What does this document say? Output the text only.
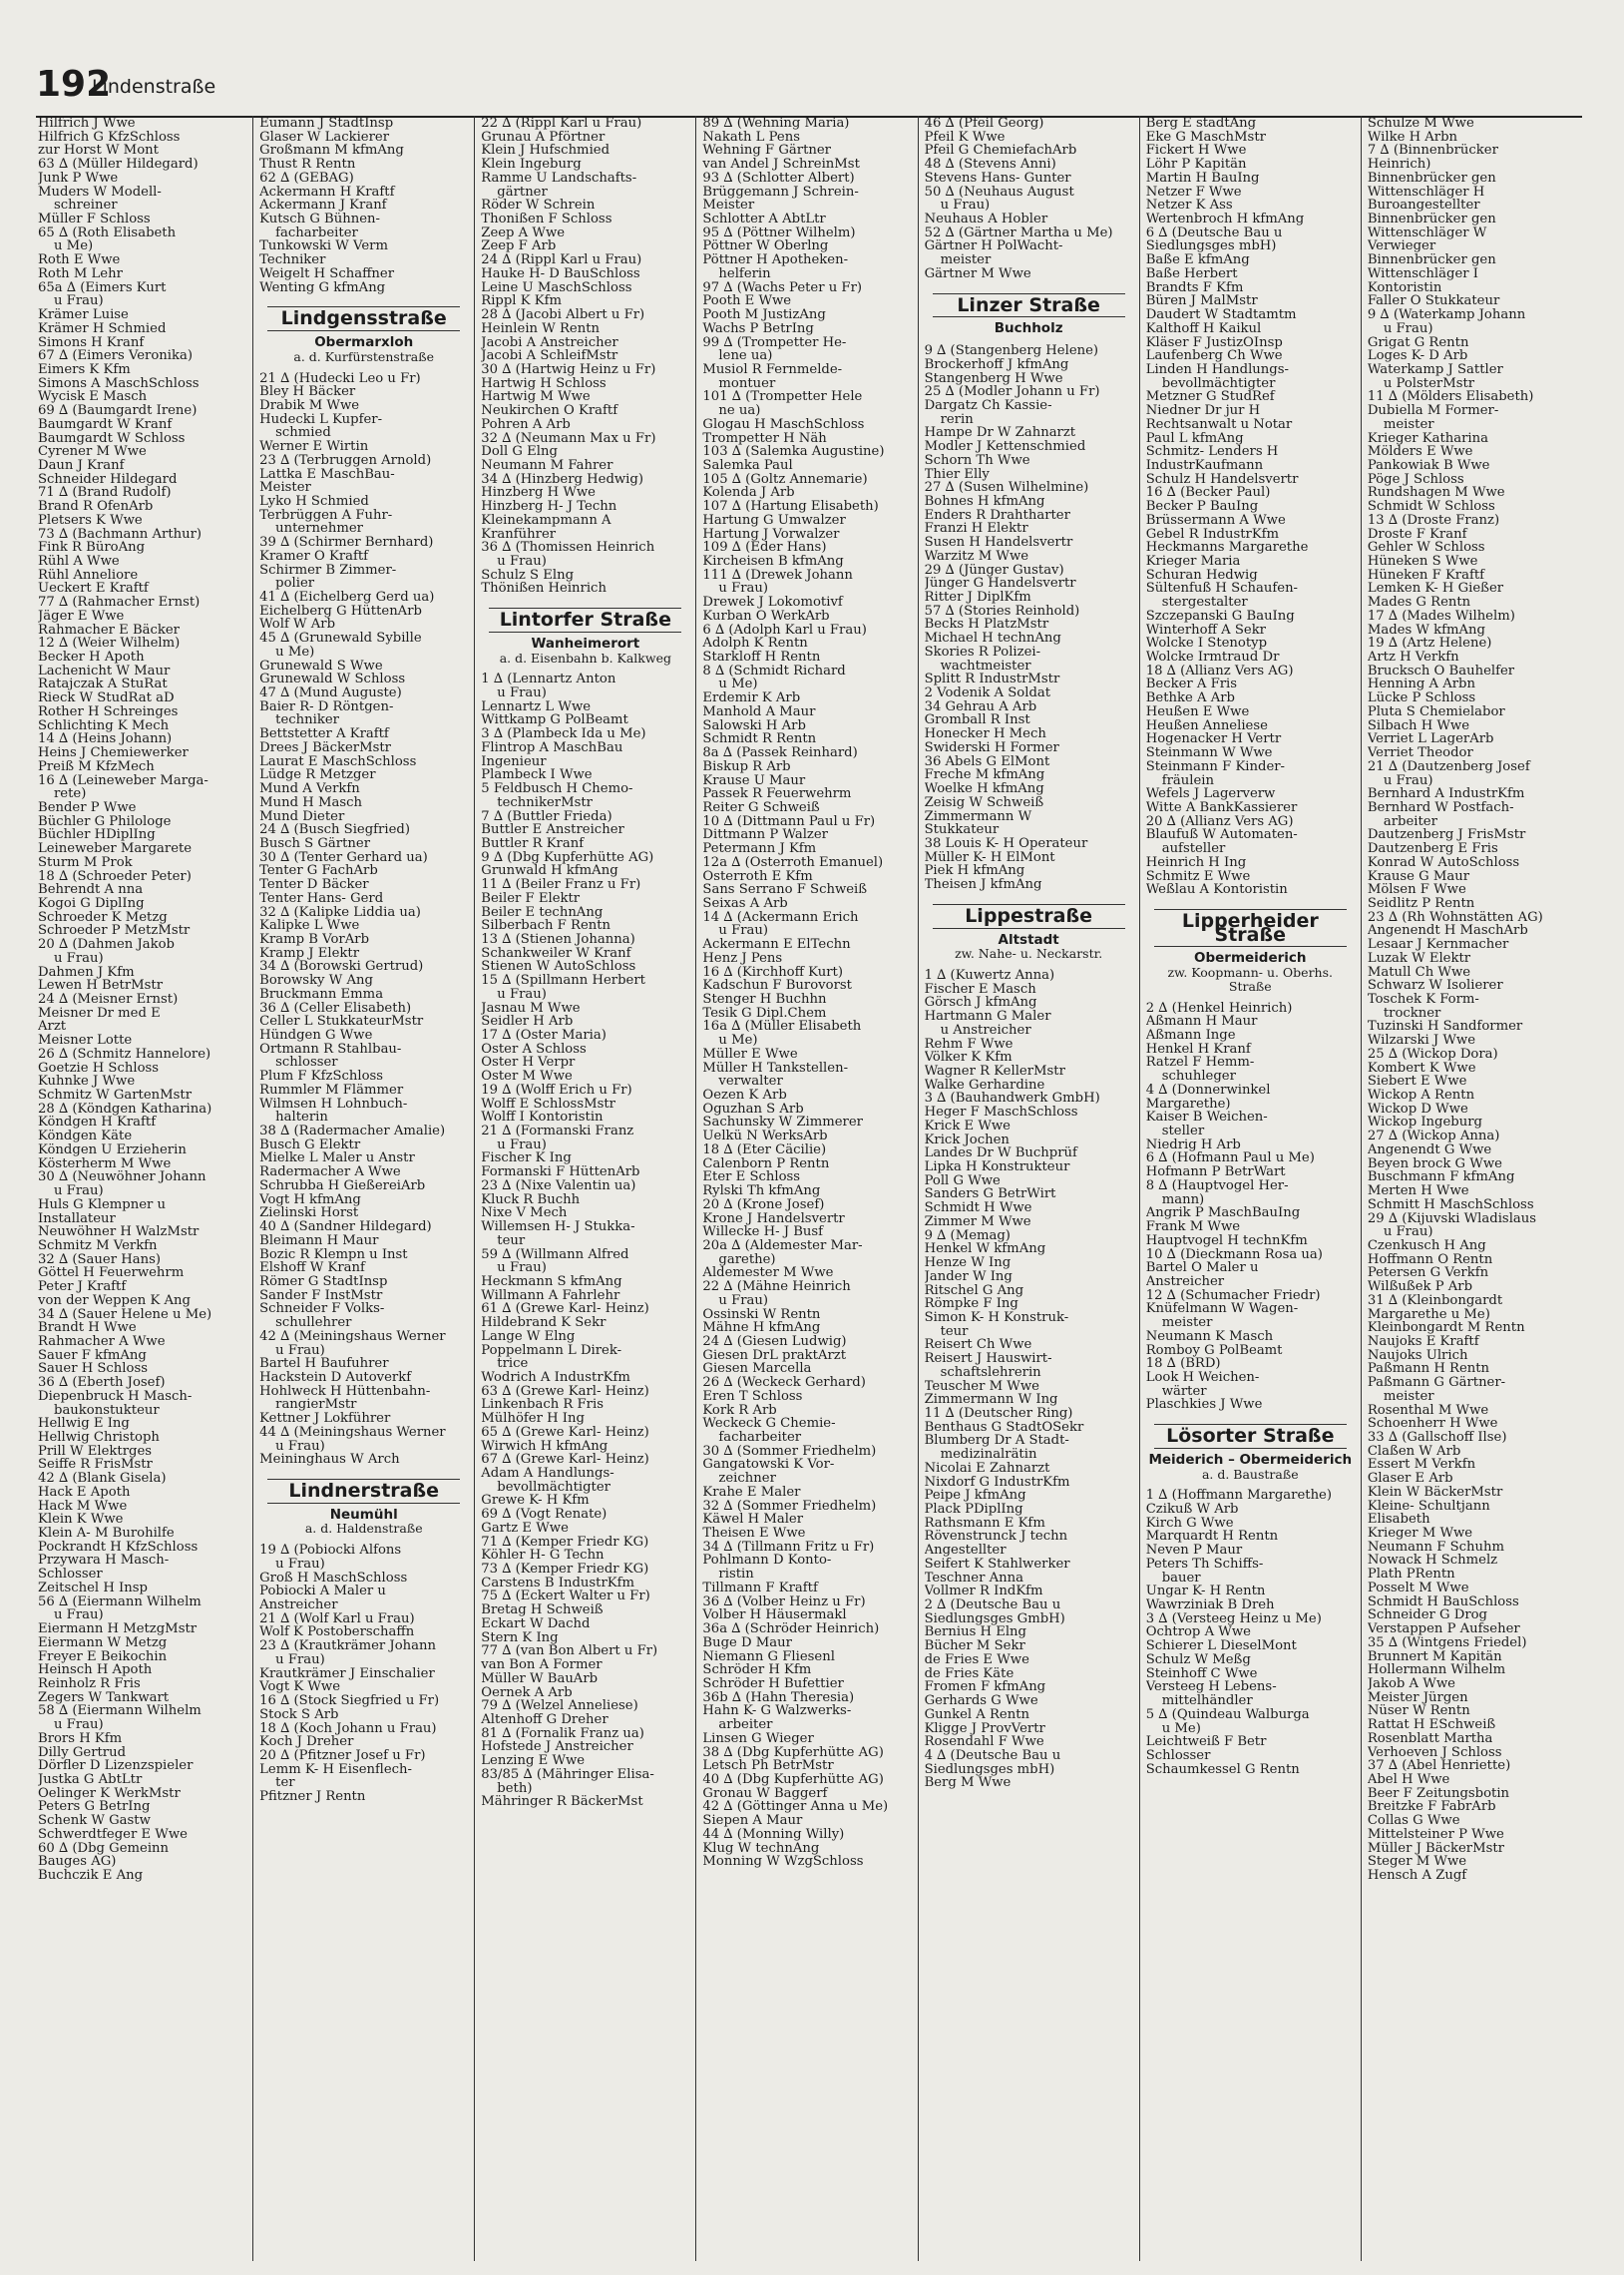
192
Lindenstraße
Hilfrich J Wwe
Hilfrich G KfzSchloss
zur Horst W Mont
63 ∆ (Müller Hildegard)
Junk P Wwe
Muders W Modell-
schreiner
Müller F Schloss
65 ∆ (Roth Elisabeth
u Me)
Roth E Wwe
Roth M Lehr
65a ∆ (Eimers Kurt
u Frau)
Krämer Luise
Krämer H Schmied
Simons H Kranf
67 ∆ (Eimers Veronika)
Eimers K Kfm
Simons A MaschSchloss
Wycisk E Masch
69 ∆ (Baumgardt Irene)
Baumgardt W Kranf
Baumgardt W Schloss
Cyrener M Wwe
Daun J Kranf
Schneider Hildegard
71 ∆ (Brand Rudolf)
Brand R OfenArb
Pletsers K Wwe
73 ∆ (Bachmann Arthur)
Fink R BüroAng
Rühl A Wwe
Rühl Anneliore
Ueckert E Kraftf
77 ∆ (Rahmacher Ernst)
Jäger E Wwe
Rahmacher E Bäcker
12 ∆ (Weier Wilhelm)
Becker H Apoth
Lachenicht W Maur
Ratajczak A StuRat
Rieck W StudRat aD
Rother H Schreinges
Schlichting K Mech
14 ∆ (Heins Johann)
Heins J Chemiewerker
Preiß M KfzMech
16 ∆ (Leineweber Marga-
rete)
Bender P Wwe
Büchler G Philologe
Büchler HDiplIng
Leineweber Margarete
Sturm M Prok
18 ∆ (Schroeder Peter)
Behrendt A nna
Kogoi G DiplIng
Schroeder K Metzg
Schroeder P MetzMstr
20 ∆ (Dahmen Jakob
u Frau)
Dahmen J Kfm
Lewen H BetrMstr
24 ∆ (Meisner Ernst)
Meisner Dr med E
Arzt
Meisner Lotte
26 ∆ (Schmitz Hannelore)
Goetzie H Schloss
Kuhnke J Wwe
Schmitz W GartenMstr
28 ∆ (Köndgen Katharina)
Köndgen H Kraftf
Köndgen Käte
Köndgen U Erzieherin
Kösterherm M Wwe
30 ∆ (Neuwöhner Johann
u Frau)
Huls G Klempner u
Installateur
Neuwöhner H WalzMstr
Schmitz M Verkfn
32 ∆ (Sauer Hans)
Göttel H Feuerwehrm
Peter J Kraftf
von der Weppen K Ang
34 ∆ (Sauer Helene u Me)
Brandt H Wwe
Rahmacher A Wwe
Sauer F kfmAng
Sauer H Schloss
36 ∆ (Eberth Josef)
Diepenbruck H Masch-
baukonstukteur
Hellwig E Ing
Hellwig Christoph
Prill W Elektrges
Seiffe R FrisMstr
42 ∆ (Blank Gisela)
Hack E Apoth
Hack M Wwe
Klein K Wwe
Klein A- M Burohilfe
Pockrandt H KfzSchloss
Przywara H Masch-
Schlosser
Zeitschel H Insp
56 ∆ (Eiermann Wilhelm
u Frau)
Eiermann H MetzgMstr
Eiermann W Metzg
Freyer E Beikochin
Heinsch H Apoth
Reinholz R Fris
Zegers W Tankwart
58 ∆ (Eiermann Wilhelm
u Frau)
Brors H Kfm
Dilly Gertrud
Dörfler D Lizenzspieler
Justka G AbtLtr
Oelinger K WerkMstr
Peters G BetrIng
Schenk W Gastw
Schwerdtfeger E Wwe
60 ∆ (Dbg Gemeinn
Bauges AG)
Buchczik E Ang
Eumann J StadtInsp
Glaser W Lackierer
Großmann M kfmAng
Thust R Rentn
62 ∆ (GEBAG)
Ackermann H Kraftf
Ackermann J Kranf
Kutsch G Bühnen-
facharbeiter
Tunkowski W Verm
Techniker
Weigelt H Schaffner
Wenting G kfmAng
Lindgensstraße
Obermarxloh
a. d. Kurfürstenstraße
21 ∆ (Hudecki Leo u Fr)
Bley H Bäcker
Drabik M Wwe
Hudecki L Kupfer-
schmied
Werner E Wirtin
23 ∆ (Terbruggen Arnold)
Lattka E MaschBau-
Meister
Lyko H Schmied
Terbrüggen A Fuhr-
unternehmer
39 ∆ (Schirmer Bernhard)
Kramer O Kraftf
Schirmer B Zimmer-
polier
41 ∆ (Eichelberg Gerd ua)
Eichelberg G HüttenArb
Wolf W Arb
45 ∆ (Grunewald Sybille
u Me)
Grunewald S Wwe
Grunewald W Schloss
47 ∆ (Mund Auguste)
Baier R- D Röntgen-
techniker
Bettstetter A Kraftf
Drees J BäckerMstr
Laurat E MaschSchloss
Lüdge R Metzger
Mund A Verkfn
Mund H Masch
Mund Dieter
24 ∆ (Busch Siegfried)
Busch S Gärtner
30 ∆ (Tenter Gerhard ua)
Tenter G FachArb
Tenter D Bäcker
Tenter Hans- Gerd
32 ∆ (Kalipke Liddia ua)
Kalipke L Wwe
Kramp B VorArb
Kramp J Elektr
34 ∆ (Borowski Gertrud)
Borowsky W Ang
Bruckmann Emma
36 ∆ (Celler Elisabeth)
Celler L StukkateurMstr
Hündgen G Wwe
Ortmann R Stahlbau-
schlosser
Plum F KfzSchloss
Rummler M Flämmer
Wilmsen H Lohnbuch-
halterin
38 ∆ (Radermacher Amalie)
Busch G Elektr
Mielke L Maler u Anstr
Radermacher A Wwe
Schrubba H GießereiArb
Vogt H kfmAng
Zielinski Horst
40 ∆ (Sandner Hildegard)
Bleimann H Maur
Bozic R Klempn u Inst
Elshoff W Kranf
Römer G StadtInsp
Sander F InstMstr
Schneider F Volks-
schullehrer
42 ∆ (Meiningshaus Werner
u Frau)
Bartel H Baufuhrer
Hackstein D Autoverkf
Hohlweck H Hüttenbahn-
rangierMstr
Kettner J Lokführer
44 ∆ (Meiningshaus Werner
u Frau)
Meininghaus W Arch
Lindnerstraße
Neumühl
a. d. Haldenstraße
19 ∆ (Pobiocki Alfons
u Frau)
Groß H MaschSchloss
Pobiocki A Maler u
Anstreicher
21 ∆ (Wolf Karl u Frau)
Wolf K Postoberschaffn
23 ∆ (Krautkrämer Johann
u Frau)
Krautkrämer J Einschalier
Vogt K Wwe
16 ∆ (Stock Siegfried u Fr)
Stock S Arb
18 ∆ (Koch Johann u Frau)
Koch J Dreher
20 ∆ (Pfitzner Josef u Fr)
Lemm K- H Eisenflech-
ter
Pfitzner J Rentn
22 ∆ (Rippl Karl u Frau)
Grunau A Pförtner
Klein J Hufschmied
Klein Ingeburg
Ramme U Landschafts-
gärtner
Röder W Schrein
Thonißen F Schloss
Zeep A Wwe
Zeep F Arb
24 ∆ (Rippl Karl u Frau)
Hauke H- D BauSchloss
Leine U MaschSchloss
Rippl K Kfm
28 ∆ (Jacobi Albert u Fr)
Heinlein W Rentn
Jacobi A Anstreicher
Jacobi A SchleifMstr
30 ∆ (Hartwig Heinz u Fr)
Hartwig H Schloss
Hartwig M Wwe
Neukirchen O Kraftf
Pohren A Arb
32 ∆ (Neumann Max u Fr)
Doll G Elng
Neumann M Fahrer
34 ∆ (Hinzberg Hedwig)
Hinzberg H Wwe
Hinzberg H- J Techn
Kleinekampmann A
Kranführer
36 ∆ (Thomissen Heinrich
u Frau)
Schulz S Elng
Thönißen Heinrich
Lintorfer Straße
Wanheimerort
a. d. Eisenbahn b. Kalkweg
1 ∆ (Lennartz Anton
u Frau)
Lennartz L Wwe
Wittkamp G PolBeamt
3 ∆ (Plambeck Ida u Me)
Flintrop A MaschBau
Ingenieur
Plambeck I Wwe
5 Feldbusch H Chemo-
technikerMstr
7 ∆ (Buttler Frieda)
Buttler E Anstreicher
Buttler R Kranf
9 ∆ (Dbg Kupferhütte AG)
Grunwald H kfmAng
11 ∆ (Beiler Franz u Fr)
Beiler F Elektr
Beiler E technAng
Silberbach F Rentn
13 ∆ (Stienen Johanna)
Schankweiler W Kranf
Stienen W AutoSchloss
15 ∆ (Spillmann Herbert
u Frau)
Jasnau M Wwe
Seidler H Arb
17 ∆ (Oster Maria)
Oster A Schloss
Oster H Verpr
Oster M Wwe
19 ∆ (Wolff Erich u Fr)
Wolff E SchlossMstr
Wolff I Kontoristin
21 ∆ (Formanski Franz
u Frau)
Fischer K Ing
Formanski F HüttenArb
23 ∆ (Nixe Valentin ua)
Kluck R Buchh
Nixe V Mech
Willemsen H- J Stukka-
teur
59 ∆ (Willmann Alfred
u Frau)
Heckmann S kfmAng
Willmann A Fahrlehr
61 ∆ (Grewe Karl- Heinz)
Hildebrand K Sekr
Lange W Elng
Poppelmann L Direk-
trice
Wodrich A IndustrKfm
63 ∆ (Grewe Karl- Heinz)
Linkenbach R Fris
Mülhöfer H Ing
65 ∆ (Grewe Karl- Heinz)
Wirwich H kfmAng
67 ∆ (Grewe Karl- Heinz)
Adam A Handlungs-
bevollmächtigter
Grewe K- H Kfm
69 ∆ (Vogt Renate)
Gartz E Wwe
71 ∆ (Kemper Friedr KG)
Köhler H- G Techn
73 ∆ (Kemper Friedr KG)
Carstens B IndustrKfm
75 ∆ (Eckert Walter u Fr)
Bretag H Schweiß
Eckart W Dachd
Stern K Ing
77 ∆ (van Bon Albert u Fr)
van Bon A Former
Müller W BauArb
Oernek A Arb
79 ∆ (Welzel Anneliese)
Altenhoff G Dreher
81 ∆ (Fornalik Franz ua)
Hofstede J Anstreicher
Lenzing E Wwe
83/85 ∆ (Mähringer Elisa-
beth)
Mähringer R BäckerMst
89 ∆ (Wehning Maria)
Nakath L Pens
Wehning F Gärtner
van Andel J SchreinMst
93 ∆ (Schlotter Albert)
Brüggemann J Schrein-
Meister
Schlotter A AbtLtr
95 ∆ (Pöttner Wilhelm)
Pöttner W Oberlng
Pöttner H Apotheken-
helferin
97 ∆ (Wachs Peter u Fr)
Pooth E Wwe
Pooth M JustizAng
Wachs P BetrIng
99 ∆ (Trompetter He-
lene ua)
Musiol R Fernmelde-
montuer
101 ∆ (Trompetter Hele
ne ua)
Glogau H MaschSchloss
Trompetter H Näh
103 ∆ (Salemka Augustine)
Salemka Paul
105 ∆ (Goltz Annemarie)
Kolenda J Arb
107 ∆ (Hartung Elisabeth)
Hartung G Umwalzer
Hartung J Vorwalzer
109 ∆ (Eder Hans)
Kircheisen B kfmAng
111 ∆ (Drewek Johann
u Frau)
Drewek J Lokomotivf
Kurban O WerkArb
6 ∆ (Adolph Karl u Frau)
Adolph K Rentn
Starkloff H Rentn
8 ∆ (Schmidt Richard
u Me)
Erdemir K Arb
Manhold A Maur
Salowski H Arb
Schmidt R Rentn
8a ∆ (Passek Reinhard)
Biskup R Arb
Krause U Maur
Passek R Feuerwehrm
Reiter G Schweiß
10 ∆ (Dittmann Paul u Fr)
Dittmann P Walzer
Petermann J Kfm
12a ∆ (Osterroth Emanuel)
Osterroth E Kfm
Sans Serrano F Schweiß
Seixas A Arb
14 ∆ (Ackermann Erich
u Frau)
Ackermann E ElTechn
Henz J Pens
16 ∆ (Kirchhoff Kurt)
Kadschun F Burovorst
Stenger H Buchhn
Tesik G Dipl.Chem
16a ∆ (Müller Elisabeth
u Me)
Müller E Wwe
Müller H Tankstellen-
verwalter
Oezen K Arb
Oguzhan S Arb
Sachunsky W Zimmerer
Uelkü N WerksArb
18 ∆ (Eter Cäcilie)
Calenborn P Rentn
Eter E Schloss
Rylski Th kfmAng
20 ∆ (Krone Josef)
Krone J Handelsvertr
Willecke H- J Busf
20a ∆ (Aldemester Mar-
garethe)
Aldemester M Wwe
22 ∆ (Mähne Heinrich
u Frau)
Ossinski W Rentn
Mähne H kfmAng
24 ∆ (Giesen Ludwig)
Giesen DrL praktArzt
Giesen Marcella
26 ∆ (Weckeck Gerhard)
Eren T Schloss
Kork R Arb
Weckeck G Chemie-
facharbeiter
30 ∆ (Sommer Friedhelm)
Gangatowski K Vor-
zeichner
Krahe E Maler
32 ∆ (Sommer Friedhelm)
Käwel H Maler
Theisen E Wwe
34 ∆ (Tillmann Fritz u Fr)
Pohlmann D Konto-
ristin
Tillmann F Kraftf
36 ∆ (Volber Heinz u Fr)
Volber H Häusermakl
36a ∆ (Schröder Heinrich)
Buge D Maur
Niemann G Fliesenl
Schröder H Kfm
Schröder H Bufettier
36b ∆ (Hahn Theresia)
Hahn K- G Walzwerks-
arbeiter
Linsen G Wieger
38 ∆ (Dbg Kupferhütte AG)
Letsch Ph BetrMstr
40 ∆ (Dbg Kupferhütte AG)
Gronau W Baggerf
42 ∆ (Göttinger Anna u Me)
Siepen A Maur
44 ∆ (Monning Willy)
Klug W technAng
Monning W WzgSchloss
46 ∆ (Pfeil Georg)
Pfeil K Wwe
Pfeil G ChemiefachArb
48 ∆ (Stevens Anni)
Stevens Hans- Gunter
50 ∆ (Neuhaus August
u Frau)
Neuhaus A Hobler
52 ∆ (Gärtner Martha u Me)
Gärtner H PolWacht-
meister
Gärtner M Wwe
Linzer Straße
Buchholz
9 ∆ (Stangenberg Helene)
Brockerhoff J kfmAng
Stangenberg H Wwe
25 ∆ (Modler Johann u Fr)
Dargatz Ch Kassie-
rerin
Hampe Dr W Zahnarzt
Modler J Kettenschmied
Schorn Th Wwe
Thier Elly
27 ∆ (Susen Wilhelmine)
Bohnes H kfmAng
Enders R Drahtharter
Franzi H Elektr
Susen H Handelsvertr
Warzitz M Wwe
29 ∆ (Jünger Gustav)
Jünger G Handelsvertr
Ritter J DiplKfm
57 ∆ (Stories Reinhold)
Becks H PlatzMstr
Michael H technAng
Skories R Polizei-
wachtmeister
Splitt R IndustrMstr
2 Vodenik A Soldat
34 Gehrau A Arb
Gromball R Inst
Honecker H Mech
Swiderski H Former
36 Abels G ElMont
Freche M kfmAng
Woelke H kfmAng
Zeisig W Schweiß
Zimmermann W
Stukkateur
38 Louis K- H Operateur
Müller K- H ElMont
Piek H kfmAng
Theisen J kfmAng
Lippestraße
Altstadt
zw. Nahe- u. Neckarstr.
1 ∆ (Kuwertz Anna)
Fischer E Masch
Görsch J kfmAng
Hartmann G Maler
u Anstreicher
Rehm F Wwe
Völker K Kfm
Wagner R KellerMstr
Walke Gerhardine
3 ∆ (Bauhandwerk GmbH)
Heger F MaschSchloss
Krick E Wwe
Krick Jochen
Landes Dr W Buchprüf
Lipka H Konstrukteur
Poll G Wwe
Sanders G BetrWirt
Schmidt H Wwe
Zimmer M Wwe
9 ∆ (Memag)
Henkel W kfmAng
Henze W Ing
Jander W Ing
Ritschel G Ang
Römpke F Ing
Simon K- H Konstruk-
teur
Reisert Ch Wwe
Reisert J Hauswirt-
schaftslehrerin
Teuscher M Wwe
Zimmermann W Ing
11 ∆ (Deutscher Ring)
Benthaus G StadtOSekr
Blumberg Dr A Stadt-
medizinalrätin
Nicolai E Zahnarzt
Nixdorf G IndustrKfm
Peipe J kfmAng
Plack PDiplIng
Rathsmann E Kfm
Rövenstrunck J techn
Angestellter
Seifert K Stahlwerker
Teschner Anna
Vollmer R IndKfm
2 ∆ (Deutsche Bau u
Siedlungsges GmbH)
Bernius H Elng
Bücher M Sekr
de Fries E Wwe
de Fries Käte
Fromen F kfmAng
Gerhards G Wwe
Gunkel A Rentn
Kligge J ProvVertr
Rosendahl F Wwe
4 ∆ (Deutsche Bau u
Siedlungsges mbH)
Berg M Wwe
Berg E stadtAng
Eke G MaschMstr
Fickert H Wwe
Löhr P Kapitän
Martin H BauIng
Netzer F Wwe
Netzer K Ass
Wertenbroch H kfmAng
6 ∆ (Deutsche Bau u
Siedlungsges mbH)
Baße E kfmAng
Baße Herbert
Brandts F Kfm
Büren J MalMstr
Daudert W Stadtamtm
Kalthoff H Kaikul
Kläser F JustizOInsp
Laufenberg Ch Wwe
Linden H Handlungs-
bevollmächtigter
Metzner G StudRef
Niedner Dr jur H
Rechtsanwalt u Notar
Paul L kfmAng
Schmitz- Lenders H
IndustrKaufmann
Schulz H Handelsvertr
16 ∆ (Becker Paul)
Becker P BauIng
Brüssermann A Wwe
Gebel R IndustrKfm
Heckmanns Margarethe
Krieger Maria
Schuran Hedwig
Sültenfuß H Schaufen-
stergestalter
Szczepanski G BauIng
Winterhoff A Sekr
Wolcke I Stenotyp
Wolcke Irmtraud Dr
18 ∆ (Allianz Vers AG)
Becker A Fris
Bethke A Arb
Heußen E Wwe
Heußen Anneliese
Hogenacker H Vertr
Steinmann W Wwe
Steinmann F Kinder-
fräulein
Wefels J Lagerverw
Witte A BankKassierer
20 ∆ (Allianz Vers AG)
Blaufuß W Automaten-
aufsteller
Heinrich H Ing
Schmitz E Wwe
Weßlau A Kontoristin
Lipperheider Straße
Obermeiderich
zw. Koopmann- u. Oberhs. Straße
2 ∆ (Henkel Heinrich)
Aßmann H Maur
Aßmann Inge
Henkel H Kranf
Ratzel F Hemm-
schuhleger
4 ∆ (Donnerwinkel
Margarethe)
Kaiser B Weichen-
steller
Niedrig H Arb
6 ∆ (Hofmann Paul u Me)
Hofmann P BetrWart
8 ∆ (Hauptvogel Her-
mann)
Angrik P MaschBauIng
Frank M Wwe
Hauptvogel H technKfm
10 ∆ (Dieckmann Rosa ua)
Bartel O Maler u
Anstreicher
12 ∆ (Schumacher Friedr)
Knüfelmann W Wagen-
meister
Neumann K Masch
Romboy G PolBeamt
18 ∆ (BRD)
Look H Weichen-
wärter
Plaschkies J Wwe
Lösorter Straße
Meiderich – Obermeiderich
a. d. Baustraße
1 ∆ (Hoffmann Margarethe)
Czikuß W Arb
Kirch G Wwe
Marquardt H Rentn
Neven P Maur
Peters Th Schiffs-
bauer
Ungar K- H Rentn
Wawrziniak B Dreh
3 ∆ (Versteeg Heinz u Me)
Ochtrop A Wwe
Schierer L DieselMont
Schulz W Meßg
Steinhoff C Wwe
Versteeg H Lebens-
mittelhändler
5 ∆ (Quindeau Walburga
u Me)
Leichtweiß F Betr
Schlosser
Schaumkessel G Rentn
Schulze M Wwe
Wilke H Arbn
7 ∆ (Binnenbrücker
Heinrich)
Binnenbrücker gen
Wittenschläger H
Buroangestellter
Binnenbrücker gen
Wittenschläger W
Verwieger
Binnenbrücker gen
Wittenschläger I
Kontoristin
Faller O Stukkateur
9 ∆ (Waterkamp Johann
u Frau)
Grigat G Rentn
Loges K- D Arb
Waterkamp J Sattler
u PolsterMstr
11 ∆ (Mölders Elisabeth)
Dubiella M Former-
meister
Krieger Katharina
Mölders E Wwe
Pankowiak B Wwe
Pöge J Schloss
Rundshagen M Wwe
Schmidt W Schloss
13 ∆ (Droste Franz)
Droste F Kranf
Gehler W Schloss
Hüneken S Wwe
Hüneken F Kraftf
Lemken K- H Gießer
Mades G Rentn
17 ∆ (Mades Wilhelm)
Mades W kfmAng
19 ∆ (Artz Helene)
Artz H Verkfn
Brucksch O Bauhelfer
Henning A Arbn
Lücke P Schloss
Pluta S Chemielabor
Silbach H Wwe
Verriet L LagerArb
Verriet Theodor
21 ∆ (Dautzenberg Josef
u Frau)
Bernhard A IndustrKfm
Bernhard W Postfach-
arbeiter
Dautzenberg J FrisMstr
Dautzenberg E Fris
Konrad W AutoSchloss
Krause G Maur
Mölsen F Wwe
Seidlitz P Rentn
23 ∆ (Rh Wohnstätten AG)
Angenendt H MaschArb
Lesaar J Kernmacher
Luzak W Elektr
Matull Ch Wwe
Schwarz W Isolierer
Toschek K Form-
trockner
Tuzinski H Sandformer
Wilzarski J Wwe
25 ∆ (Wickop Dora)
Kombert K Wwe
Siebert E Wwe
Wickop A Rentn
Wickop D Wwe
Wickop Ingeburg
27 ∆ (Wickop Anna)
Angenendt G Wwe
Beyen brock G Wwe
Buschmann F kfmAng
Merten H Wwe
Schmitt H MaschSchloss
29 ∆ (Kijuvski Wladislaus
u Frau)
Czenkusch H Ang
Hoffmann O Rentn
Petersen G Verkfn
Wilßußek P Arb
31 ∆ (Kleinbongardt
Margarethe u Me)
Kleinbongardt M Rentn
Naujoks E Kraftf
Naujoks Ulrich
Paßmann H Rentn
Paßmann G Gärtner-
meister
Rosenthal M Wwe
Schoenherr H Wwe
33 ∆ (Gallschoff Ilse)
Claßen W Arb
Essert M Verkfn
Glaser E Arb
Klein W BäckerMstr
Kleine- Schultjann
Elisabeth
Krieger M Wwe
Neumann F Schuhm
Nowack H Schmelz
Plath PRentn
Posselt M Wwe
Schmidt H BauSchloss
Schneider G Drog
Verstappen P Aufseher
35 ∆ (Wintgens Friedel)
Brunnert M Kapitän
Hollermann Wilhelm
Jakob A Wwe
Meister Jürgen
Nüser W Rentn
Rattat H ESchweiß
Rosenblatt Martha
Verhoeven J Schloss
37 ∆ (Abel Henriette)
Abel H Wwe
Beer F Zeitungsbotin
Breitzke F FabrArb
Collas G Wwe
Mittelsteiner P Wwe
Müller J BäckerMstr
Steger M Wwe
Hensch A Zugf
